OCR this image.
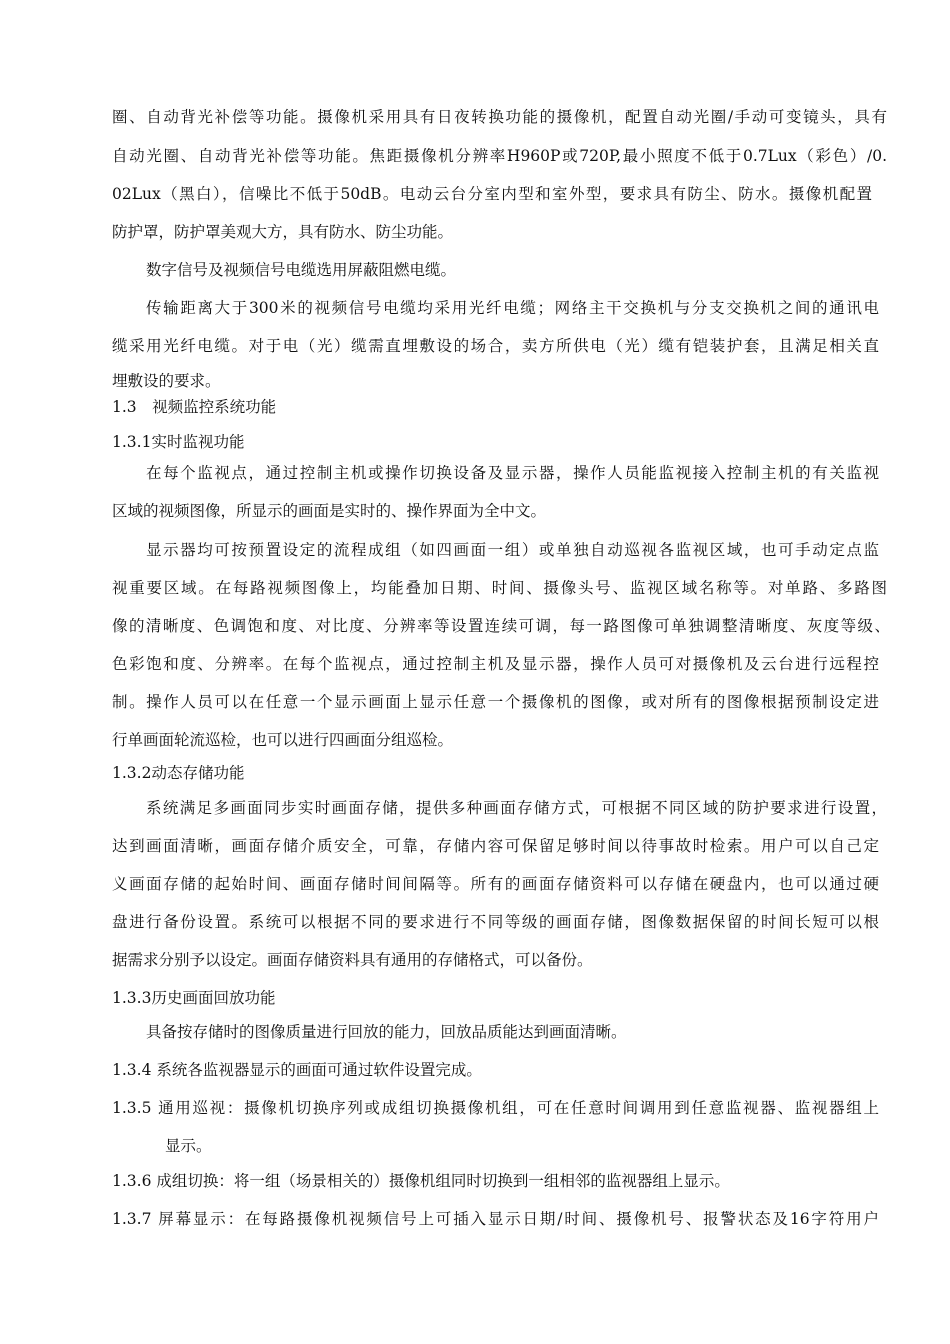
圈、自动背光补偿等功能。摄像机采用具有日夜转换功能的摄像机，配置自动光圈/手动可变镜头，具有
自动光圈、自动背光补偿等功能。焦距摄像机分辨率H960P或720P,最小照度不低于0.7Lux（彩色）/0.
02Lux（黑白），信噪比不低于50dB。电动云台分室内型和室外型，要求具有防尘、防水。摄像机配置
防护罩，防护罩美观大方，具有防水、防尘功能。
数字信号及视频信号电缆选用屏蔽阻燃电缆。
传输距离大于300米的视频信号电缆均采用光纤电缆；网络主干交换机与分支交换机之间的通讯电
缆采用光纤电缆。对于电（光）缆需直埋敷设的场合，卖方所供电（光）缆有铠装护套，且满足相关直
埋敷设的要求。
1.3　视频监控系统功能
1.3.1实时监视功能
在每个监视点，通过控制主机或操作切换设备及显示器，操作人员能监视接入控制主机的有关监视
区域的视频图像，所显示的画面是实时的、操作界面为全中文。
显示器均可按预置设定的流程成组（如四画面一组）或单独自动巡视各监视区域，也可手动定点监
视重要区域。在每路视频图像上，均能叠加日期、时间、摄像头号、监视区域名称等。对单路、多路图
像的清晰度、色调饱和度、对比度、分辨率等设置连续可调，每一路图像可单独调整清晰度、灰度等级、
色彩饱和度、分辨率。在每个监视点，通过控制主机及显示器，操作人员可对摄像机及云台进行远程控
制。操作人员可以在任意一个显示画面上显示任意一个摄像机的图像，或对所有的图像根据预制设定进
行单画面轮流巡检，也可以进行四画面分组巡检。
1.3.2动态存储功能
系统满足多画面同步实时画面存储，提供多种画面存储方式，可根据不同区域的防护要求进行设置，
达到画面清晰，画面存储介质安全，可靠，存储内容可保留足够时间以待事故时检索。用户可以自己定
义画面存储的起始时间、画面存储时间间隔等。所有的画面存储资料可以存储在硬盘内，也可以通过硬
盘进行备份设置。系统可以根据不同的要求进行不同等级的画面存储，图像数据保留的时间长短可以根
据需求分别予以设定。画面存储资料具有通用的存储格式，可以备份。
1.3.3历史画面回放功能
具备按存储时的图像质量进行回放的能力，回放品质能达到画面清晰。
1.3.4 系统各监视器显示的画面可通过软件设置完成。
1.3.5 通用巡视：摄像机切换序列或成组切换摄像机组，可在任意时间调用到任意监视器、监视器组上
显示。
1.3.6 成组切换：将一组（场景相关的）摄像机组同时切换到一组相邻的监视器组上显示。
1.3.7 屏幕显示：在每路摄像机视频信号上可插入显示日期/时间、摄像机号、报警状态及16字符用户
